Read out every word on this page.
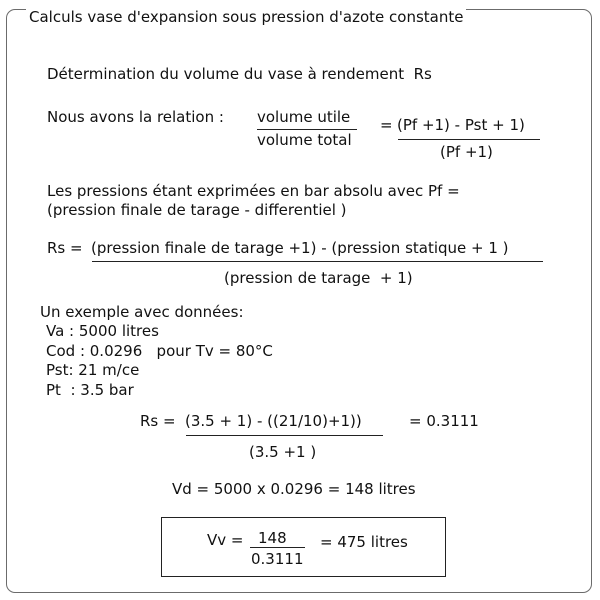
Calculs vase d'expansion sous pression d'azote constante
Détermination du volume du vase à rendement  Rs
Nous avons la relation : volume utile
volume total
= (Pf +1) - Pst + 1)
(Pf +1)
Les pressions étant exprimées en bar absolu avec Pf =
(pression finale de tarage - differentiel )
Rs = (pression finale de tarage +1) - (pression statique + 1 )
(pression de tarage  + 1)
Un exemple avec données:
Va : 5000 litres
Cod : 0.0296   pour Tv = 80°C
Pst: 21 m/ce
Pt  : 3.5 bar
Rs = (3.5 + 1) - ((21/10)+1))
(3.5 +1 )
= 0.3111
Vd = 5000 x 0.0296 = 148 litres
Vv = 148
0.3111
= 475 litres
